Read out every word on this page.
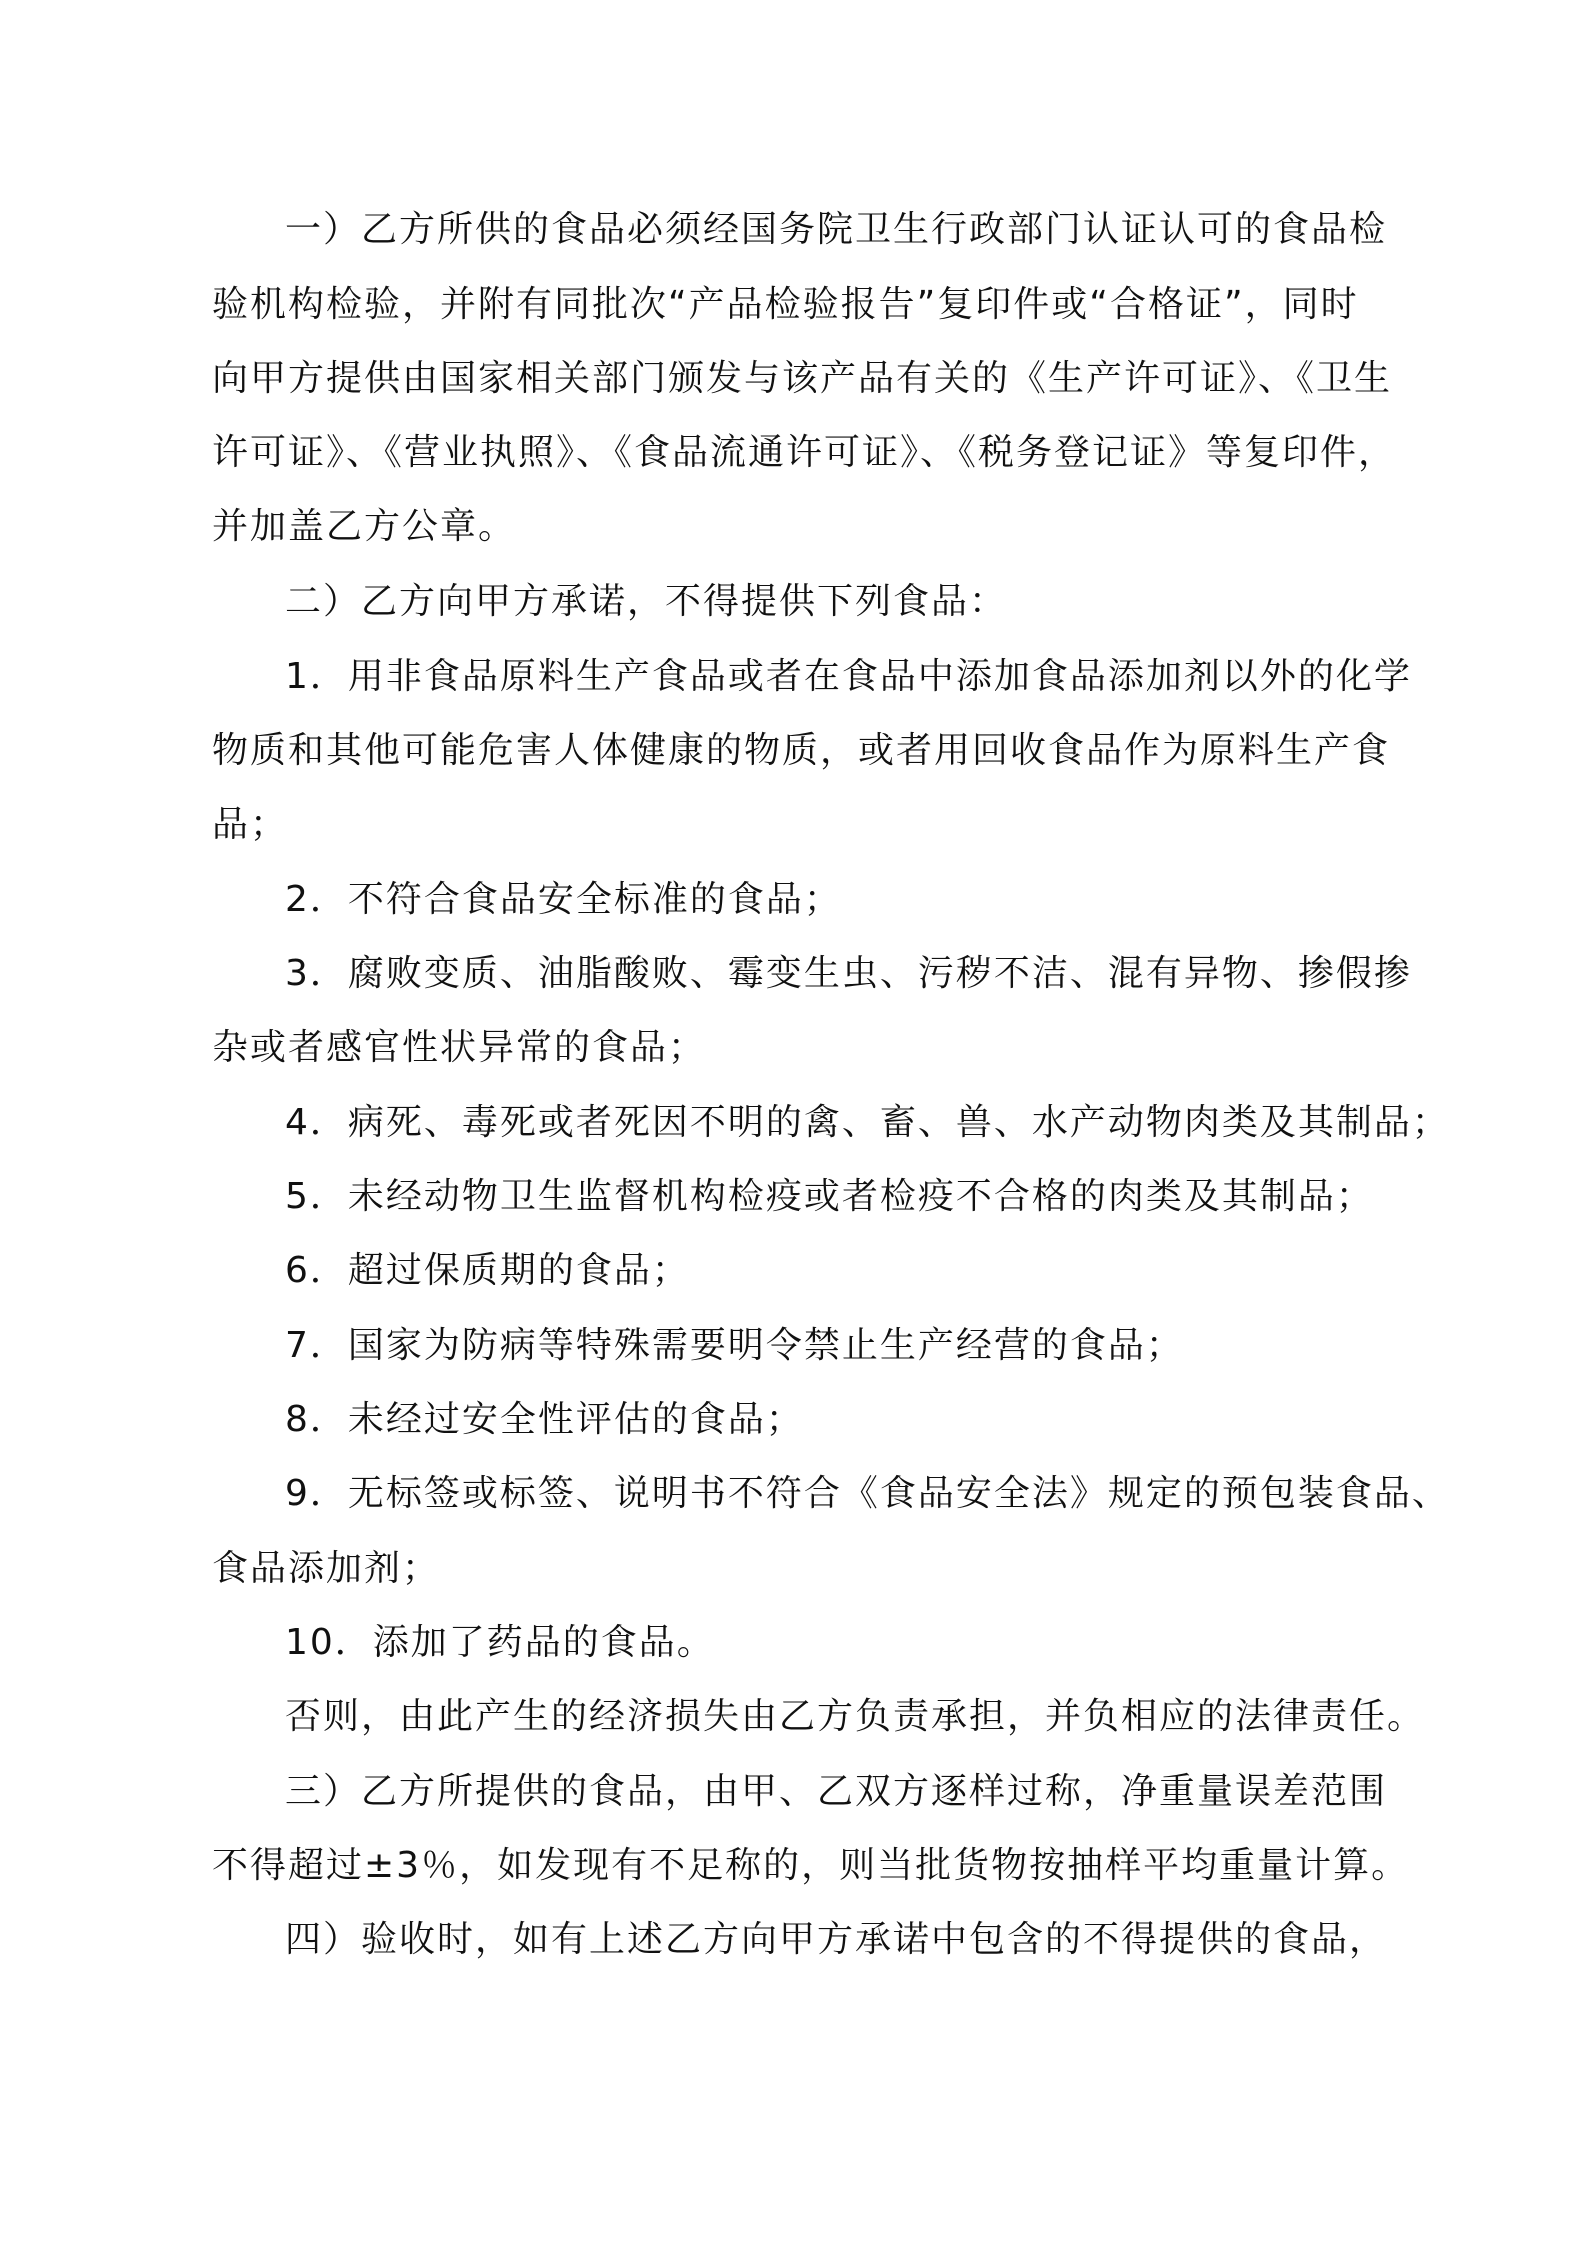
一）乙方所供的食品必须经国务院卫生行政部门认证认可的食品检
验机构检验，并附有同批次“产品检验报告”复印件或“合格证”，同时
向甲方提供由国家相关部门颁发与该产品有关的《生产许可证》、《卫生
许可证》、《营业执照》、《食品流通许可证》、《税务登记证》等复印件，
并加盖乙方公章。
二）乙方向甲方承诺，不得提供下列食品：
1．用非食品原料生产食品或者在食品中添加食品添加剂以外的化学
物质和其他可能危害人体健康的物质，或者用回收食品作为原料生产食
品；
2．不符合食品安全标准的食品；
3．腐败变质、油脂酸败、霉变生虫、污秽不洁、混有异物、掺假掺
杂或者感官性状异常的食品；
4．病死、毒死或者死因不明的禽、畜、兽、水产动物肉类及其制品；
5．未经动物卫生监督机构检疫或者检疫不合格的肉类及其制品；
6．超过保质期的食品；
7．国家为防病等特殊需要明令禁止生产经营的食品；
8．未经过安全性评估的食品；
9．无标签或标签、说明书不符合《食品安全法》规定的预包装食品、
食品添加剂；
10．添加了药品的食品。
否则，由此产生的经济损失由乙方负责承担，并负相应的法律责任。
三）乙方所提供的食品，由甲、乙双方逐样过称，净重量误差范围
不得超过±3％，如发现有不足称的，则当批货物按抽样平均重量计算。
四）验收时，如有上述乙方向甲方承诺中包含的不得提供的食品，
